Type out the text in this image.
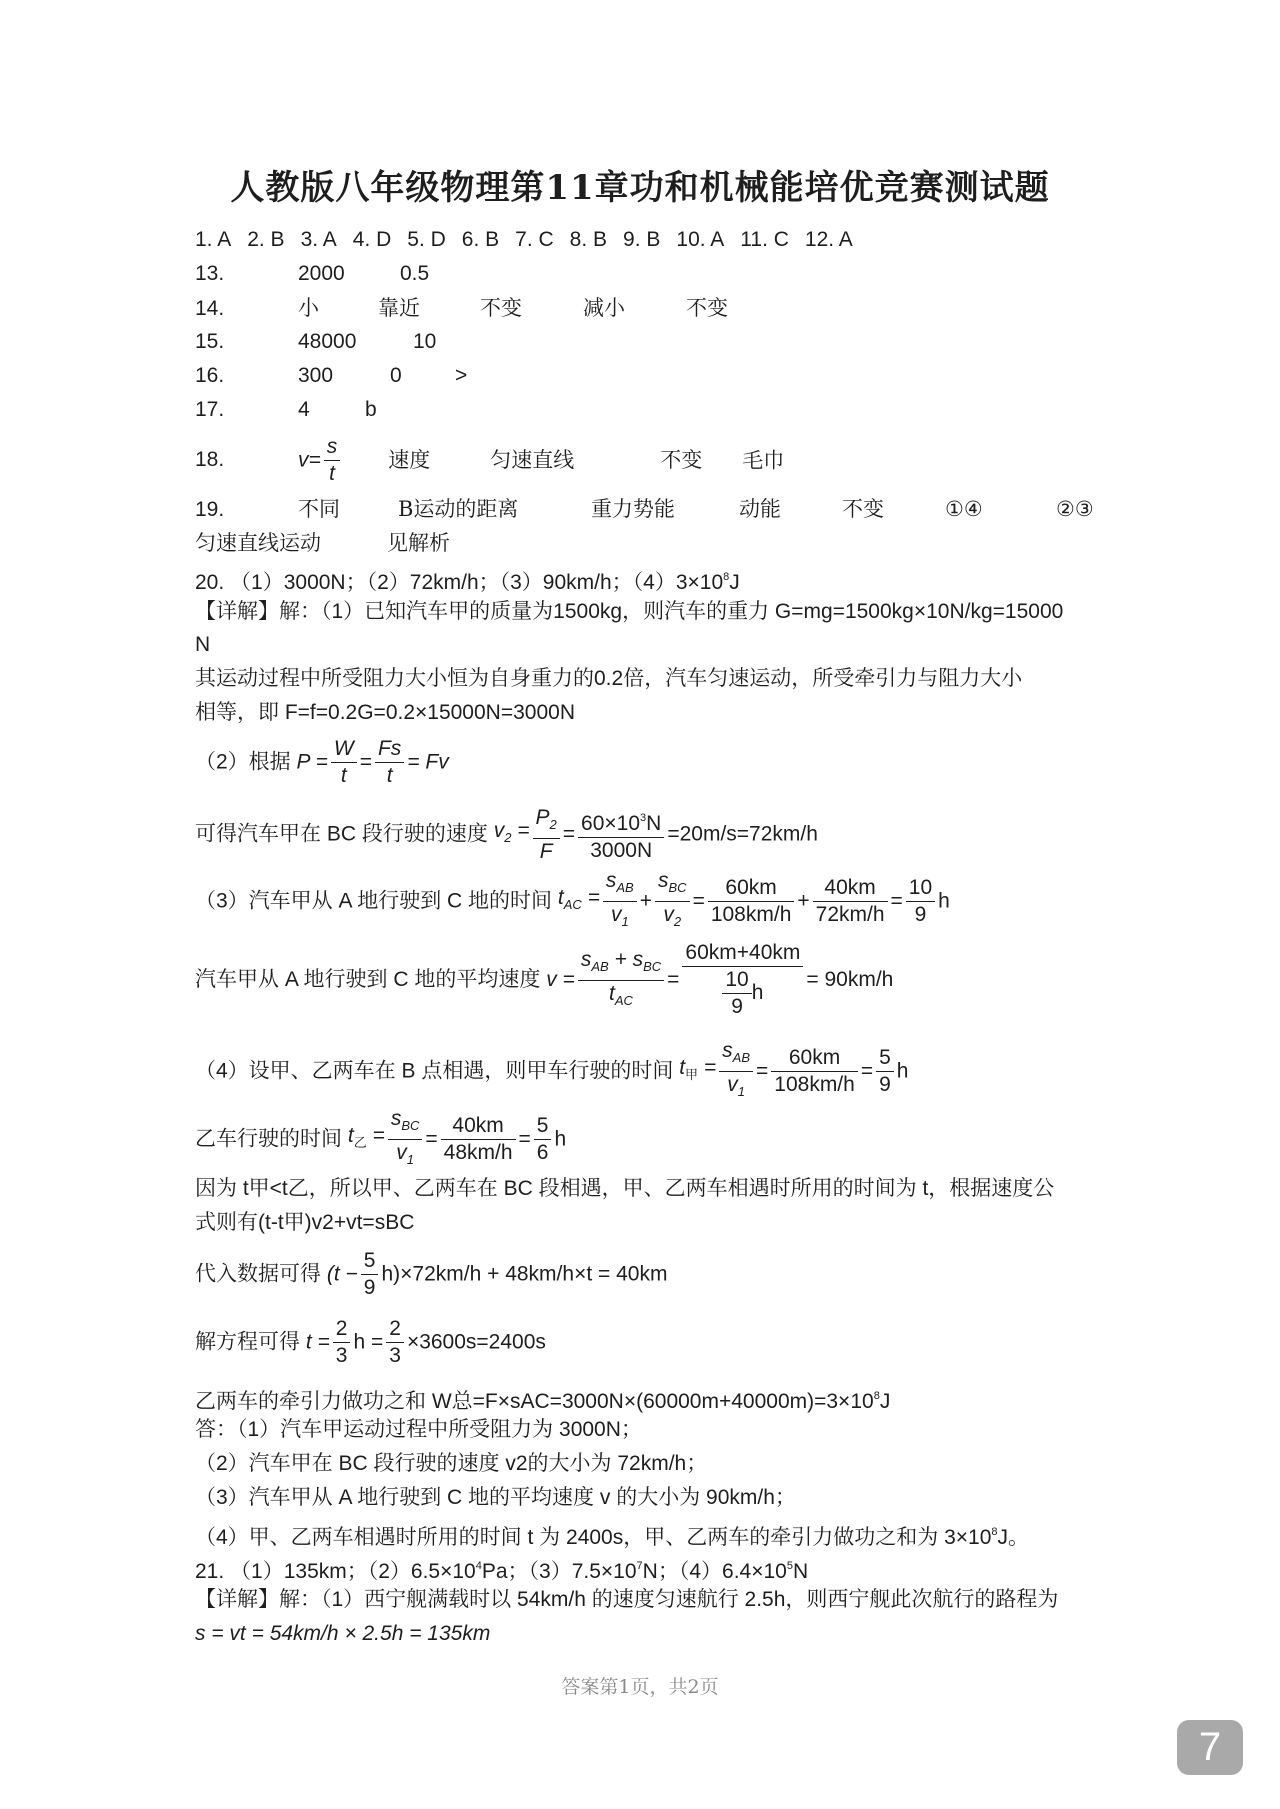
人教版八年级物理第11章功和机械能培优竞赛测试题
1. A 2. B 3. A 4. D 5. D 6. B 7. C 8. B 9. B 10. A 11. C 12. A
13.	2000	0.5
14.	小	靠近	不变	减小	不变
15.	48000	10
16.	300	0	>
17.	4	b
18.	$v= \frac{s}{t}$ 速度	匀速直线	不变 毛巾
19.	不同	B运动的距离	重力势能	动能	不变	①④	②③
匀速直线运动	见解析
20. （1）3000N；（2）72km/h；（3）90km/h；$(4)3\times 10^8J$
【详解】解：（1）已知汽车甲的质量为1500kg，则汽车的重力 G=mg=1500kg×10N/kg=15000
N
其运动过程中所受阻力大小恒为自身重力的0.2倍，汽车匀速运动，所受牵引力与阻力大小
相等，即 F=f=0.2G=0.2×15000N=3000N
（2）根据 $P = \frac{W}{t} = \frac{Fs}{t} = Fv$
可得汽车甲在 BC 段行驶的速度 $v_2 = \frac{P_2}{F} = \frac{60\times 10^3N}{3000N} =20m/s=72km/h$
（3）汽车甲从 A 地行驶到 C 地的时间 $t_{AC} = \frac{s_{AB}}{v_1} + \frac{s_{BC}}{v_2} = \frac{60km}{108km/h} + \frac{40km}{72km/h} = \frac{10}{9}$ h
汽车甲从 A 地行驶到 C 地的平均速度 $v = \frac{s_{AB} + s_{BC}}{t_{AC}} = \frac{60km+40km}{\frac{10}{9} h} = 90km/h$
（4）设甲、乙两车在 B 点相遇，则甲车行驶的时间 $t_甲 = \frac{s_{AB}}{v_1} = \frac{60km}{108km/h} = \frac{5}{9}$ h
乙车行驶的时间 $t_乙 = \frac{s_{BC}}{v_1} = \frac{40km}{48km/h} = \frac{5}{6}$ h
因为 t甲<t乙，所以甲、乙两车在 BC 段相遇，甲、乙两车相遇时所用的时间为 t，根据速度公
式则有(t-t甲)v2+vt=sBC
代入数据可得 $(t - \frac{5}{9} h)\times 72km/h + 48km/h\times t = 40km$
解方程可得 $t = \frac{2}{3}$ $h = \frac{2}{3} \times 3600s=2400s$
乙两车的牵引力做功之和 W总$=F\times sAC=3000N\times(60000m+40000m)=3\times 10^8J$
答：（1）汽车甲运动过程中所受阻力为 3000N；
（2）汽车甲在 BC 段行驶的速度 v2的大小为 72km/h；
（3）汽车甲从 A 地行驶到 C 地的平均速度 v 的大小为 90km/h；
（4）甲、乙两车相遇时所用的时间 t 为 2400s，甲、乙两车的牵引力做功之和为 $3\times 10^8J$。
21. （1）135km；$(2)6.5\times 10^4Pa$；$(3)7.5\times 10^7N$；$(4)6.4\times 10^5N$
【详解】解：（1）西宁舰满载时以 54km/h 的速度匀速航行 2.5h，则西宁舰此次航行的路程为
s = vt = 54km/h × 2.5h = 135km
答案第1页，共2页
7
